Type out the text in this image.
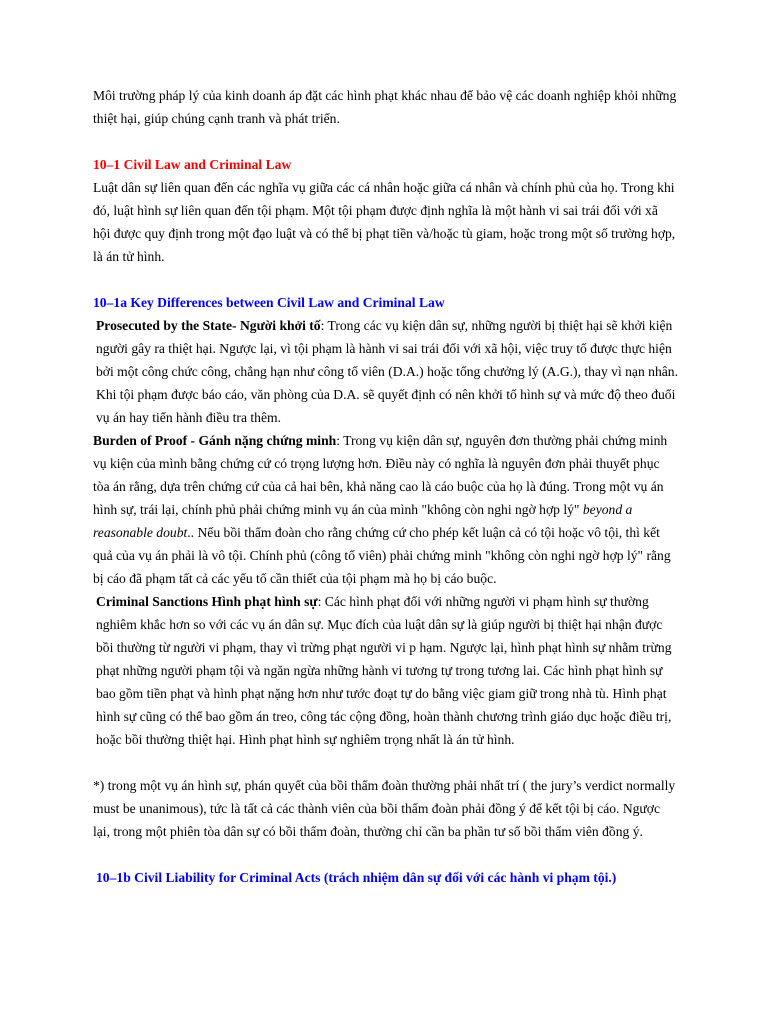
Môi trường pháp lý của kinh doanh áp đặt các hình phạt khác nhau để bảo vệ các doanh nghiệp khỏi những thiệt hại, giúp chúng cạnh tranh và phát triển.

10–1 Civil Law and Criminal Law

Luật dân sự liên quan đến các nghĩa vụ giữa các cá nhân hoặc giữa cá nhân và chính phủ của họ. Trong khi đó, luật hình sự liên quan đến tội phạm. Một tội phạm được định nghĩa là một hành vi sai trái đối với xã hội được quy định trong một đạo luật và có thể bị phạt tiền và/hoặc tù giam, hoặc trong một số trường hợp, là án tử hình.

10–1a Key Differences between Civil Law and Criminal Law

Prosecuted by the State- Người khởi tố: Trong các vụ kiện dân sự, những người bị thiệt hại sẽ khởi kiện người gây ra thiệt hại. Ngược lại, vì tội phạm là hành vi sai trái đối với xã hội, việc truy tố được thực hiện bởi một công chức công, chẳng hạn như công tố viên (D.A.) hoặc tổng chưởng lý (A.G.), thay vì nạn nhân. Khi tội phạm được báo cáo, văn phòng của D.A. sẽ quyết định có nên khởi tố hình sự và mức độ theo đuổi vụ án hay tiến hành điều tra thêm.

Burden of Proof - Gánh nặng chứng minh: Trong vụ kiện dân sự, nguyên đơn thường phải chứng minh vụ kiện của mình bằng chứng cứ có trọng lượng hơn. Điều này có nghĩa là nguyên đơn phải thuyết phục tòa án rằng, dựa trên chứng cứ của cả hai bên, khả năng cao là cáo buộc của họ là đúng. Trong một vụ án hình sự, trái lại, chính phủ phải chứng minh vụ án của mình "không còn nghi ngờ hợp lý" beyond a reasonable doubt.. Nếu bồi thẩm đoàn cho rằng chứng cứ cho phép kết luận cả có tội hoặc vô tội, thì kết quả của vụ án phải là vô tội. Chính phủ (công tố viên) phải chứng minh "không còn nghi ngờ hợp lý" rằng bị cáo đã phạm tất cả các yếu tố cần thiết của tội phạm mà họ bị cáo buộc.

Criminal Sanctions Hình phạt hình sự: Các hình phạt đối với những người vi phạm hình sự thường nghiêm khắc hơn so với các vụ án dân sự. Mục đích của luật dân sự là giúp người bị thiệt hại nhận được bồi thường từ người vi phạm, thay vì trừng phạt người vi p hạm. Ngược lại, hình phạt hình sự nhằm trừng phạt những người phạm tội và ngăn ngừa những hành vi tương tự trong tương lai. Các hình phạt hình sự bao gồm tiền phạt và hình phạt nặng hơn như tước đoạt tự do bằng việc giam giữ trong nhà tù. Hình phạt hình sự cũng có thể bao gồm án treo, công tác cộng đồng, hoàn thành chương trình giáo dục hoặc điều trị, hoặc bồi thường thiệt hại. Hình phạt hình sự nghiêm trọng nhất là án tử hình.

*) trong một vụ án hình sự, phán quyết của bồi thẩm đoàn thường phải nhất trí ( the jury’s verdict normally must be unanimous), tức là tất cả các thành viên của bồi thẩm đoàn phải đồng ý để kết tội bị cáo. Ngược lại, trong một phiên tòa dân sự có bồi thẩm đoàn, thường chỉ cần ba phần tư số bồi thẩm viên đồng ý.

10–1b Civil Liability for Criminal Acts (trách nhiệm dân sự đối với các hành vi phạm tội.)
